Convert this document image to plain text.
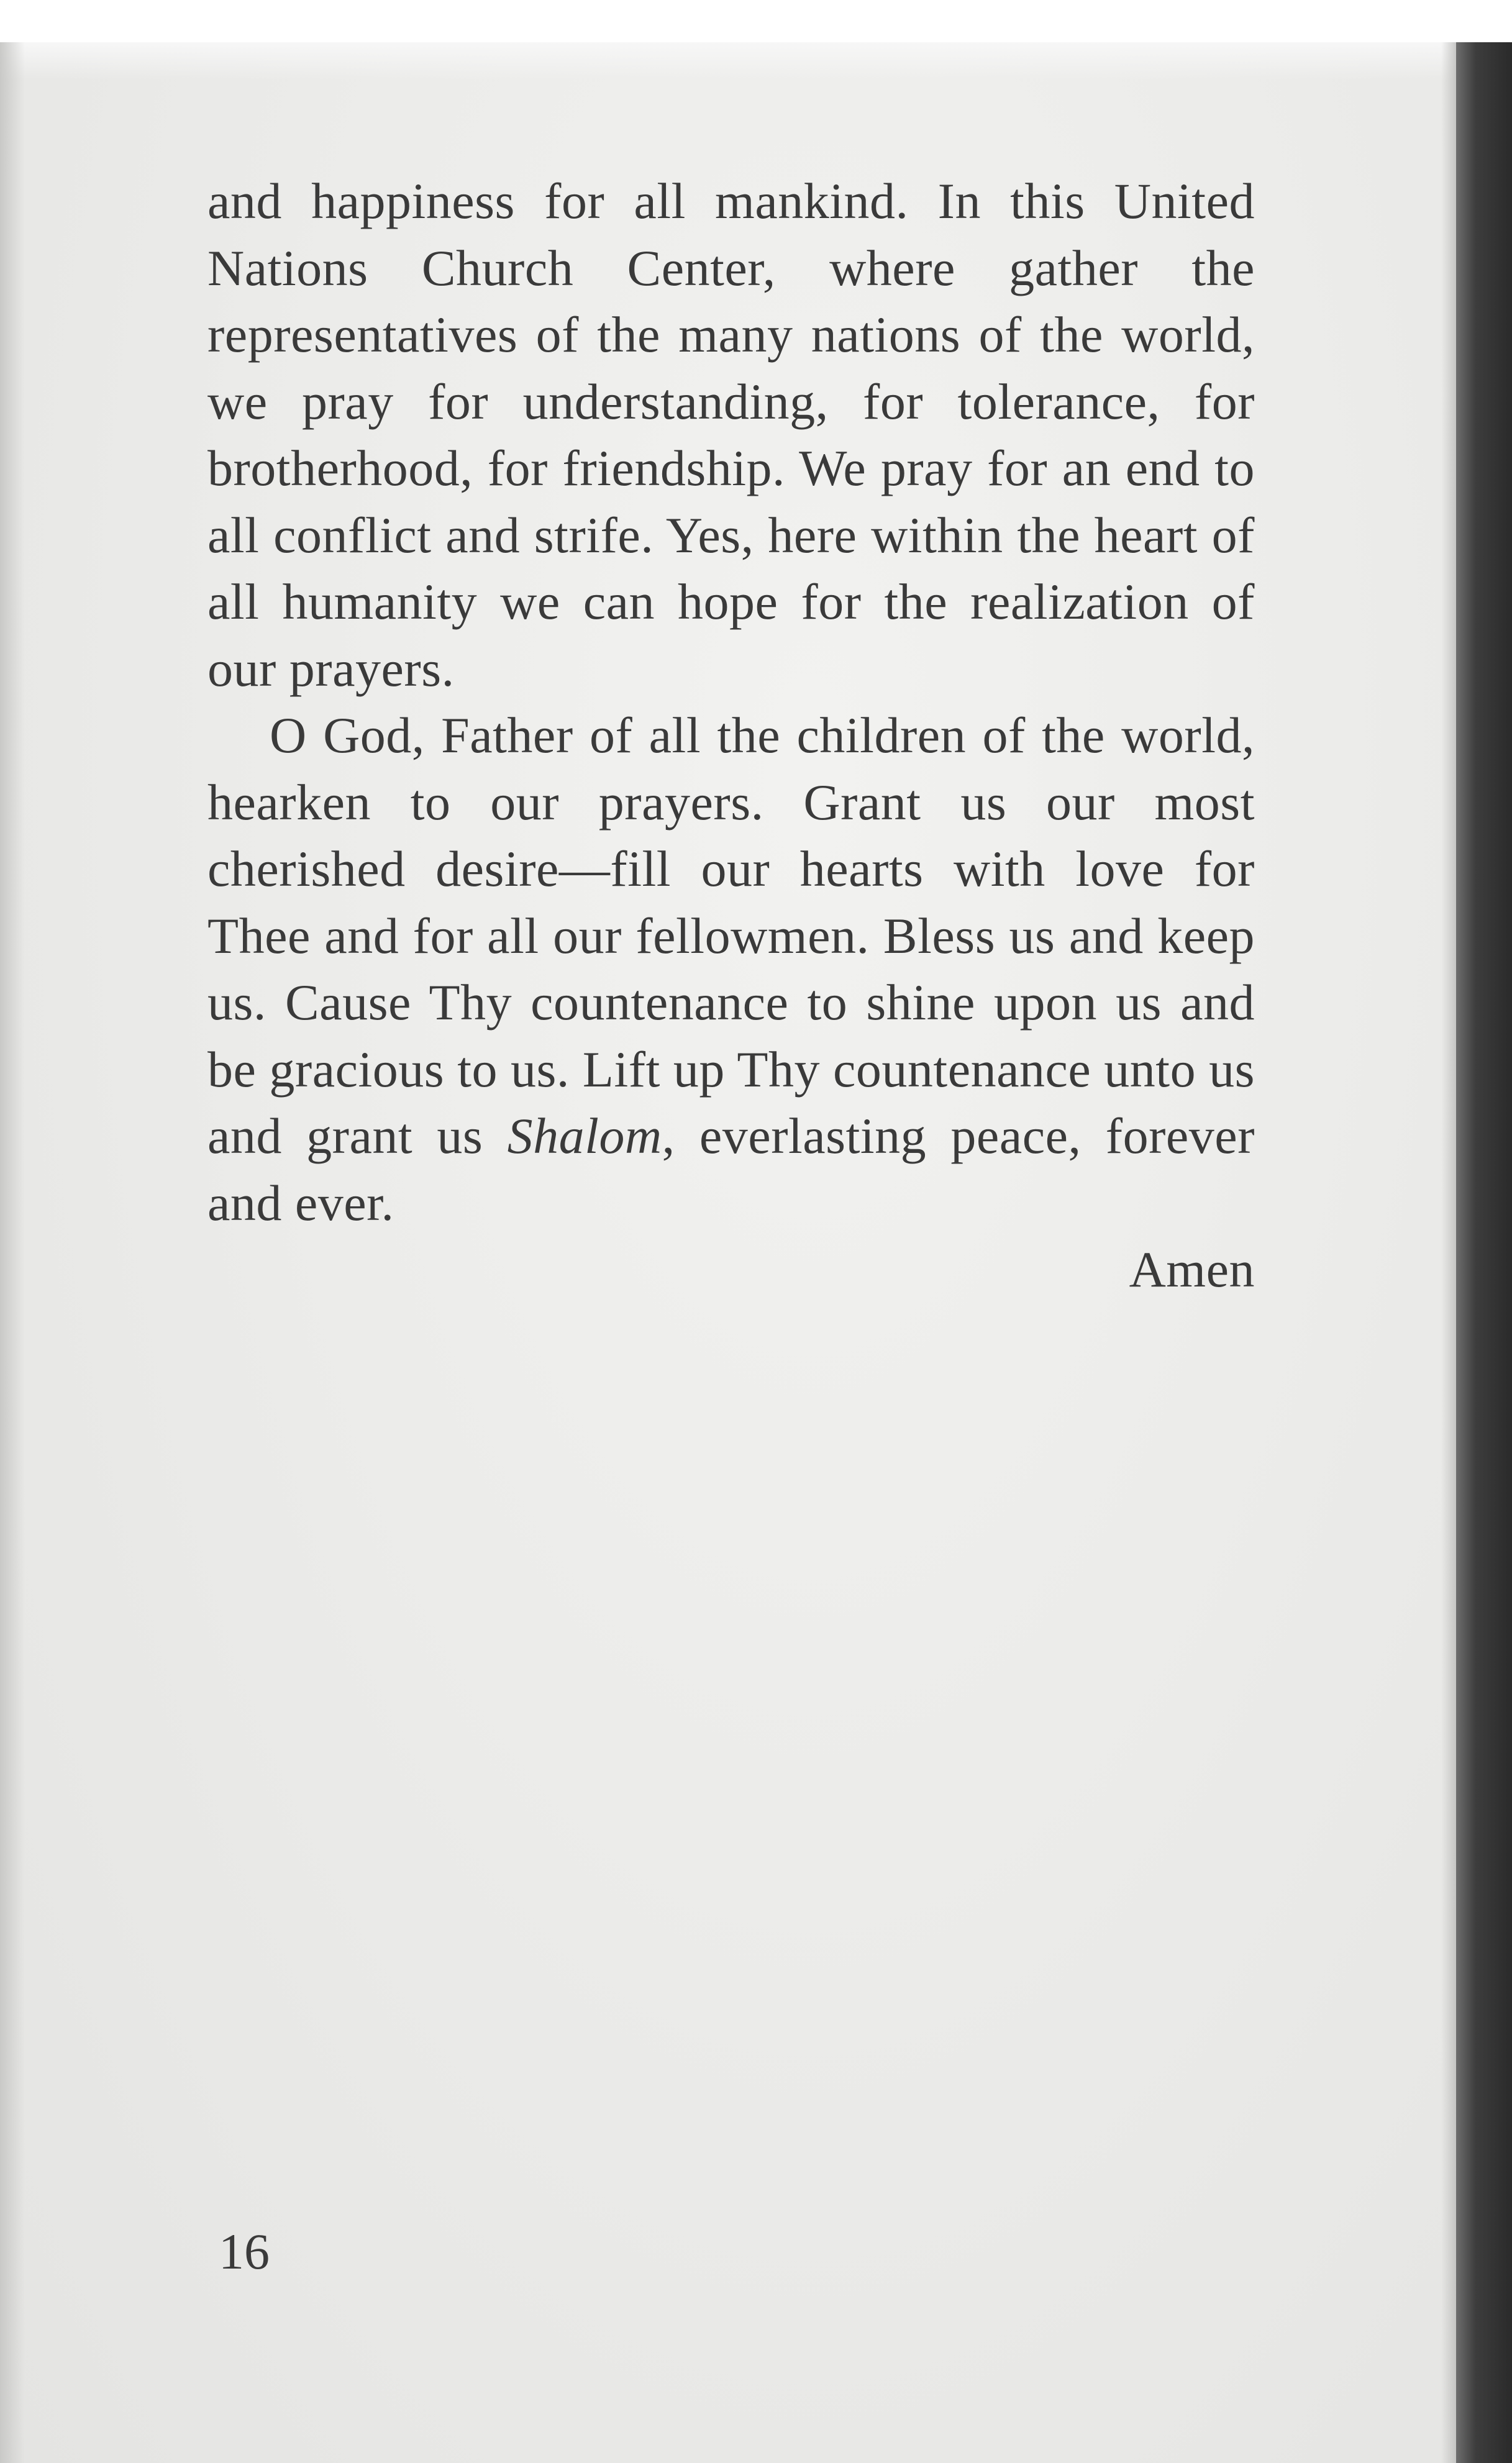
and happiness for all mankind. In this United Nations Church Center, where gather the representatives of the many nations of the world, we pray for understanding, for tolerance, for brotherhood, for friendship. We pray for an end to all conflict and strife. Yes, here within the heart of all humanity we can hope for the realization of our prayers.

O God, Father of all the children of the world, hearken to our prayers. Grant us our most cherished desire—fill our hearts with love for Thee and for all our fellowmen. Bless us and keep us. Cause Thy countenance to shine upon us and be gracious to us. Lift up Thy countenance unto us and grant us Shalom, everlasting peace, forever and ever.

Amen

16
